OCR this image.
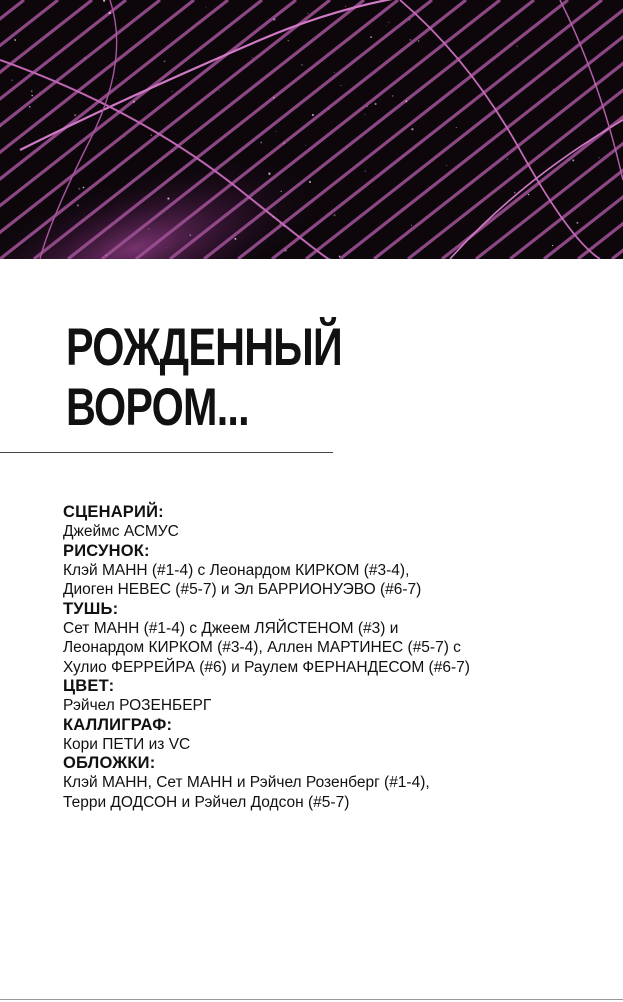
РОЖДЕННЫЙ
ВОРОМ...
СЦЕНАРИЙ:
Джеймс АСМУС
РИСУНОК:
Клэй МАНН (#1-4) с Леонардом КИРКОМ (#3-4),
Диоген НЕВЕС (#5-7) и Эл БАРРИОНУЭВО (#6-7)
ТУШЬ:
Сет МАНН (#1-4) с Джеем ЛЯЙСТЕНОМ (#3) и
Леонардом КИРКОМ (#3-4), Аллен МАРТИНЕС (#5-7) с
Хулио ФЕРРЕЙРА (#6) и Раулем ФЕРНАНДЕСОМ (#6-7)
ЦВЕТ:
Рэйчел РОЗЕНБЕРГ
КАЛЛИГРАФ:
Кори ПЕТИ из VC
ОБЛОЖКИ:
Клэй МАНН, Сет МАНН и Рэйчел Розенберг (#1-4),
Терри ДОДСОН и Рэйчел Додсон (#5-7)
